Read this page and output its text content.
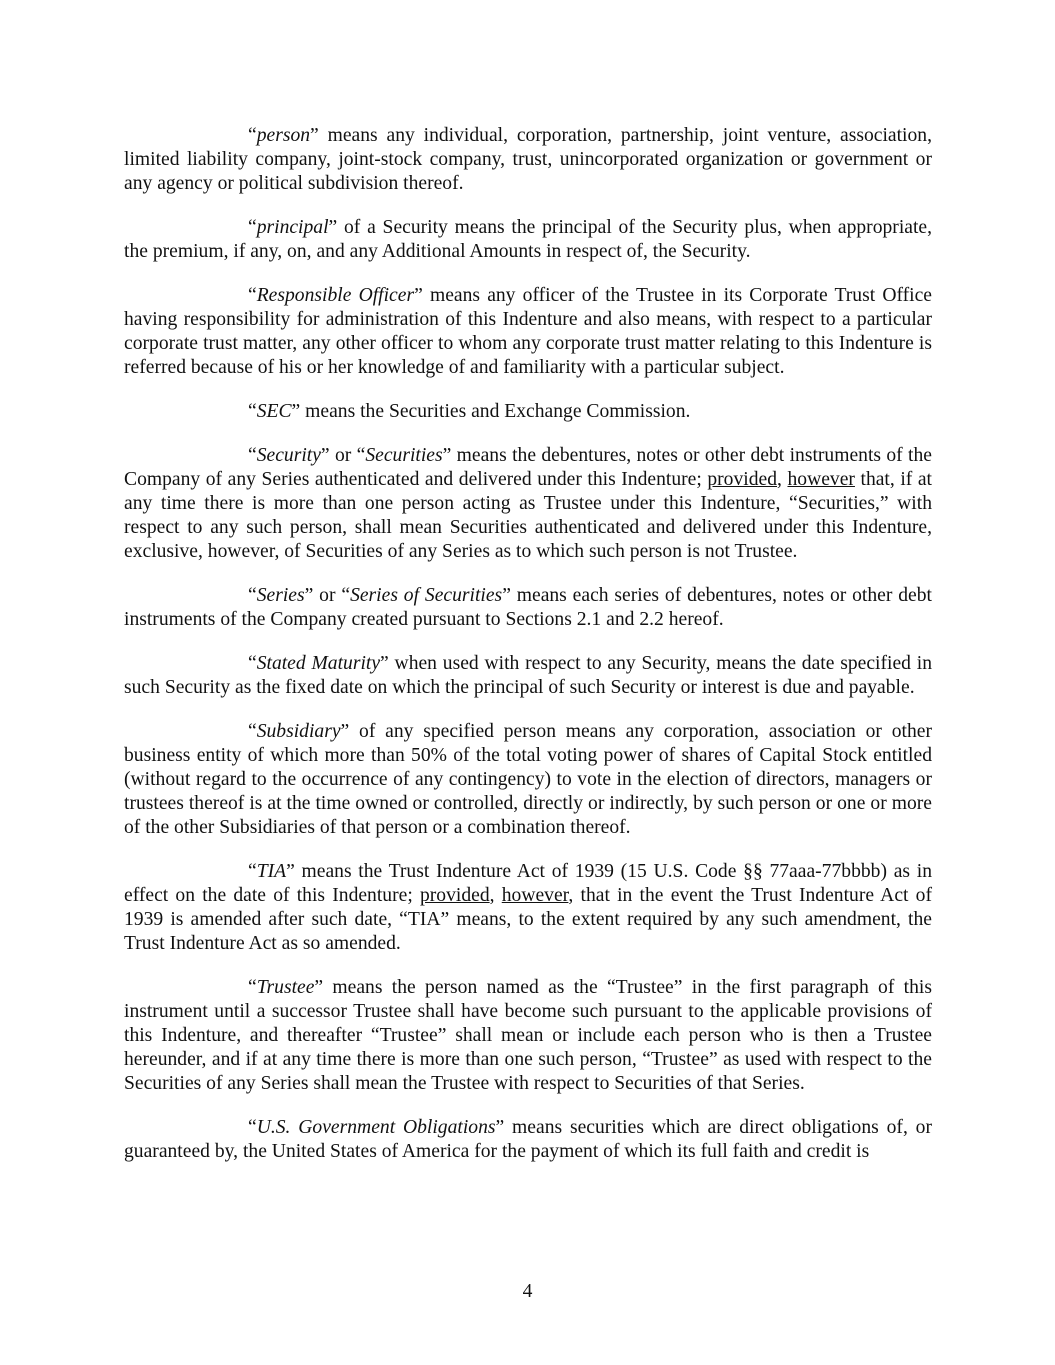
“person” means any individual, corporation, partnership, joint venture, association, limited liability company, joint-stock company, trust, unincorporated organization or government or any agency or political subdivision thereof.

“principal” of a Security means the principal of the Security plus, when appropriate, the premium, if any, on, and any Additional Amounts in respect of, the Security.

“Responsible Officer” means any officer of the Trustee in its Corporate Trust Office having responsibility for administration of this Indenture and also means, with respect to a particular corporate trust matter, any other officer to whom any corporate trust matter relating to this Indenture is referred because of his or her knowledge of and familiarity with a particular subject.

“SEC” means the Securities and Exchange Commission.

“Security” or “Securities” means the debentures, notes or other debt instruments of the Company of any Series authenticated and delivered under this Indenture; provided, however that, if at any time there is more than one person acting as Trustee under this Indenture, “Securities,” with respect to any such person, shall mean Securities authenticated and delivered under this Indenture, exclusive, however, of Securities of any Series as to which such person is not Trustee.

“Series” or “Series of Securities” means each series of debentures, notes or other debt instruments of the Company created pursuant to Sections 2.1 and 2.2 hereof.

“Stated Maturity” when used with respect to any Security, means the date specified in such Security as the fixed date on which the principal of such Security or interest is due and payable.

“Subsidiary” of any specified person means any corporation, association or other business entity of which more than 50% of the total voting power of shares of Capital Stock entitled (without regard to the occurrence of any contingency) to vote in the election of directors, managers or trustees thereof is at the time owned or controlled, directly or indirectly, by such person or one or more of the other Subsidiaries of that person or a combination thereof.

“TIA” means the Trust Indenture Act of 1939 (15 U.S. Code §§ 77aaa-77bbbb) as in effect on the date of this Indenture; provided, however, that in the event the Trust Indenture Act of 1939 is amended after such date, “TIA” means, to the extent required by any such amendment, the Trust Indenture Act as so amended.

“Trustee” means the person named as the “Trustee” in the first paragraph of this instrument until a successor Trustee shall have become such pursuant to the applicable provisions of this Indenture, and thereafter “Trustee” shall mean or include each person who is then a Trustee hereunder, and if at any time there is more than one such person, “Trustee” as used with respect to the Securities of any Series shall mean the Trustee with respect to Securities of that Series.

“U.S. Government Obligations” means securities which are direct obligations of, or guaranteed by, the United States of America for the payment of which its full faith and credit is

4
